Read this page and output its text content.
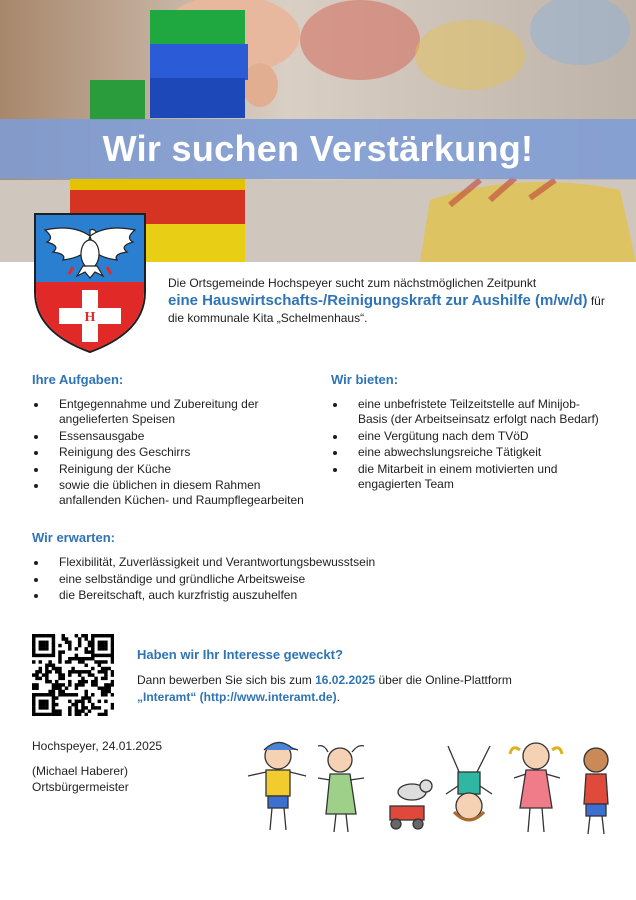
Wir suchen Verstärkung!
H
Die Ortsgemeinde Hochspeyer sucht zum nächstmöglichen Zeitpunkt
eine Hauswirtschafts-/Reinigungskraft zur Aushilfe (m/w/d) für die kommunale Kita „Schelmenhaus“.
Ihre Aufgaben:
Entgegennahme und Zubereitung der angelieferten Speisen
Essensausgabe
Reinigung des Geschirrs
Reinigung der Küche
sowie die üblichen in diesem Rahmen anfallenden Küchen- und Raumpflegearbeiten
Wir bieten:
eine unbefristete Teilzeitstelle auf Minijob-Basis (der Arbeitseinsatz erfolgt nach Bedarf)
eine Vergütung nach dem TVöD
eine abwechslungsreiche Tätigkeit
die Mitarbeit in einem motivierten und engagierten Team
Wir erwarten:
Flexibilität, Zuverlässigkeit und Verantwortungsbewusstsein
eine selbständige und gründliche Arbeitsweise
die Bereitschaft, auch kurzfristig auszuhelfen
Haben wir Ihr Interesse geweckt?
Dann bewerben Sie sich bis zum 16.02.2025 über die Online-Plattform
„Interamt“ (http://www.interamt.de).
Hochspeyer, 24.01.2025
(Michael Haberer)
Ortsbürgermeister
